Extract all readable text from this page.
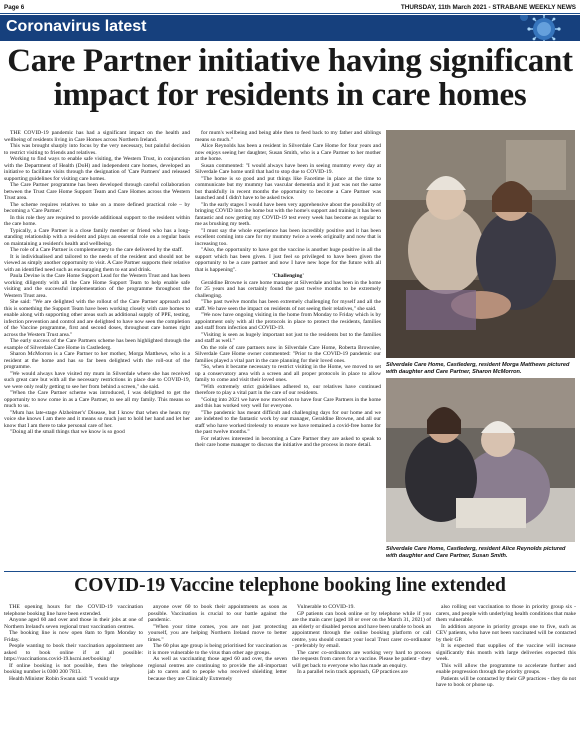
Page 6	THURSDAY, 11th March 2021 - STRABANE WEEKLY NEWS
Coronavirus latest
Care Partner initiative having significant impact for residents in care homes

THE COVID-19 pandemic has had a significant impact on the health and wellbeing of residents living in Care Homes across Northern Ireland.

This was brought sharply into focus by the very necessary, but painful decision to restrict visiting to friends and relatives.

Working to find ways to enable safe visiting, the Western Trust, in conjunction with the Department of Health (DoH) and independent care homes, developed an initiative to facilitate visits through the designation of 'Care Partners' and released supporting guidelines for visiting care homes.

The Care Partner programme has been developed through careful collaboration between the Trust Care Home Support Team and Care Homes across the Western Trust area.

The scheme requires relatives to take on a more defined practical role – by becoming a 'Care Partner.'

In this role they are required to provide additional support to the resident within the care home.

Typically, a Care Partner is a close family member or friend who has a long-standing relationship with a resident and plays an essential role on a regular basis on maintaining a resident's health and wellbeing.

The role of a Care Partner is complementary to the care delivered by the staff.

It is individualised and tailored to the needs of the resident and should not be viewed as simply another opportunity to visit. A Care Partner supports their relative with an identified need such as encouraging them to eat and drink.

Paula Devine is the Care Home Support Lead for the Western Trust and has been working diligently with all the Care Home Support Team to help enable safe visiting and the successful implementation of the programme throughout the Western Trust area.

She said: "We are delighted with the rollout of the Care Partner approach and this is something the Support Team have been working closely with care homes to enable along with supporting other areas such as additional supply of PPE, testing, infection prevention and control and are delighted to have now seen the completion of the Vaccine programme, first and second doses, throughout care homes right across the Western Trust area."

The early success of the Care Partners scheme has been highlighted through the example of Silverdale Care Home in Castlederg.

Sharon McMorron is a Care Partner to her mother, Morga Matthews, who is a resident at the home and has so far been delighted with the roll-out of the programme.

"We would always have visited my mum in Silverdale where she has received such great care but with all the necessary restrictions in place due to COVID-19, we were only really getting to see her from behind a screen," she said.

"When the Care Partner scheme was introduced, I was delighted to get the opportunity to now come in as a Care Partner, to see all my family. This means so much to us.

"Mum has late-stage Alzheimer's' Disease, but I know that when she hears my voice she knows I am there and it means so much just to hold her hand and let her know that I am there to take personal care of her.

"Doing all the small things that we know is so good

for mum's wellbeing and being able then to feed back to my father and siblings means so much."

Alice Reynolds has been a resident in Silverdale Care Home for four years and now enjoys seeing her daughter, Susan Smith, who is a Care Partner to her mother at the home.

Susan commented: "I would always have been in seeing mummy every day at Silverdale Care home until that had to stop due to COVID-19.

"The home is so good and put things like Facetime in place at the time to communicate but my mummy has vascular dementia and it just was not the same but thankfully in recent months the opportunity to become a Care Partner was launched and I didn't have to be asked twice.

"In the early stages I would have been very apprehensive about the possibility of bringing COVID into the home but with the home's support and training it has been fantastic and now getting my COVID-19 test every week has become as regular to me as brushing my teeth.

"I must say the whole experience has been incredibly positive and it has been excellent coming into care for my mummy twice a week originally and now that is increasing too.

"Also, the opportunity to have got the vaccine is another huge positive in all the support which has been given. I just feel so privileged to have been given the opportunity to be a care partner and now I have new hope for the future with all that is happening".

'Challenging'

Geraldine Browne is care home manager at Silverdale and has been in the home for 25 years and has certainly found the past twelve months to be extremely challenging.

"The past twelve months has been extremely challenging for myself and all the staff. We have seen the impact on residents of not seeing their relatives," she said.

"We now have ongoing visiting in the home from Monday to Friday which is by appointment only with all the protocols in place to protect the residents, families and staff from infection and COVID-19.

"Visiting is seen as hugely important not just to the residents but to the families and staff as well."

On the role of care partners now in Silverdale Care Home, Roberta Brownlee, Silverdale Care Home owner commented: "Prior to the COVID-19 pandemic our families played a vital part in the care planning for their loved ones.

"So, when it became necessary to restrict visiting in the Home, we moved to set up a conservatory area with a screen and all proper protocols in place to allow family to come and visit their loved ones.

"With extremely strict guidelines adhered to, our relatives have continued therefore to play a vital part in the care of our residents.

"Going into 2021 we have now moved on to have four Care Partners in the home and this has worked very well for everyone.

"The pandemic has meant difficult and challenging days for our home and we are indebted to the fantastic work by our manager, Geraldine Browne, and all our staff who have worked tirelessly to ensure we have remained a covid-free home for the past twelve months."

For relatives interested in becoming a Care Partner they are asked to speak to their care home manager to discuss the initiative and the process in more detail.

Silverdale Care Home, Castlederg, resident Morga Matthews pictured with daughter and Care Partner, Sharon McMorron.
Silverdale Care Home, Castlederg, resident Alice Reynolds pictured with daughter and Care Partner, Susan Smith.
COVID-19 Vaccine telephone booking line extended

THE opening hours for the COVID-19 vaccination telephone booking line have been extended.

Anyone aged 60 and over and those in their jobs at one of Northern Ireland's seven regional trust vaccination centres.

The booking line is now open 8am to 9pm Monday to Friday.

People wanting to book their vaccination appointment are asked to book online if at all possible: https://vaccinations.covid-19.hscni.net/booking/

If online booking is not possible, then the telephone booking number is 0300 200 7813.

Health Minister Robin Swann said: "I would urge

anyone over 60 to book their appointments as soon as possible. Vaccination is crucial to our battle against the pandemic.

"When your time comes, you are not just protecting yourself, you are helping Northern Ireland move to better times."

The 60 plus age group is being prioritised for vaccination as it is more vulnerable to the virus than other age groups.

As well as vaccinating those aged 60 and over, the seven regional centres are continuing to provide the all-important jab to carers and to people who received shielding letter because they are Clinically Extremely

Vulnerable to COVID-19.

GP patients can book online or by telephone while if you are the main carer (aged 18 or over on the March 31, 2021) of an elderly or disabled person and have been unable to book an appointment through the online booking platform or call centre, you should contact your local Trust carer co-ordinator - preferably by email.

The carer co-ordinators are working very hard to process the requests from carers for a vaccine. Please be patient - they will get back to everyone who has made an enquiry.

In a parallel twin track approach, GP practices are

also rolling out vaccination to those in priority group six - carers, and people with underlying health conditions that make them vulnerable.

In addition anyone in priority groups one to five, such as CEV patients, who have not been vaccinated will be contacted by their GP.

It is expected that supplies of the vaccine will increase significantly this month with large deliveries expected this week.

This will allow the programme to accelerate further and enable progression through the priority groups.

Patients will be contacted by their GP practices - they do not have to book or phone up.
